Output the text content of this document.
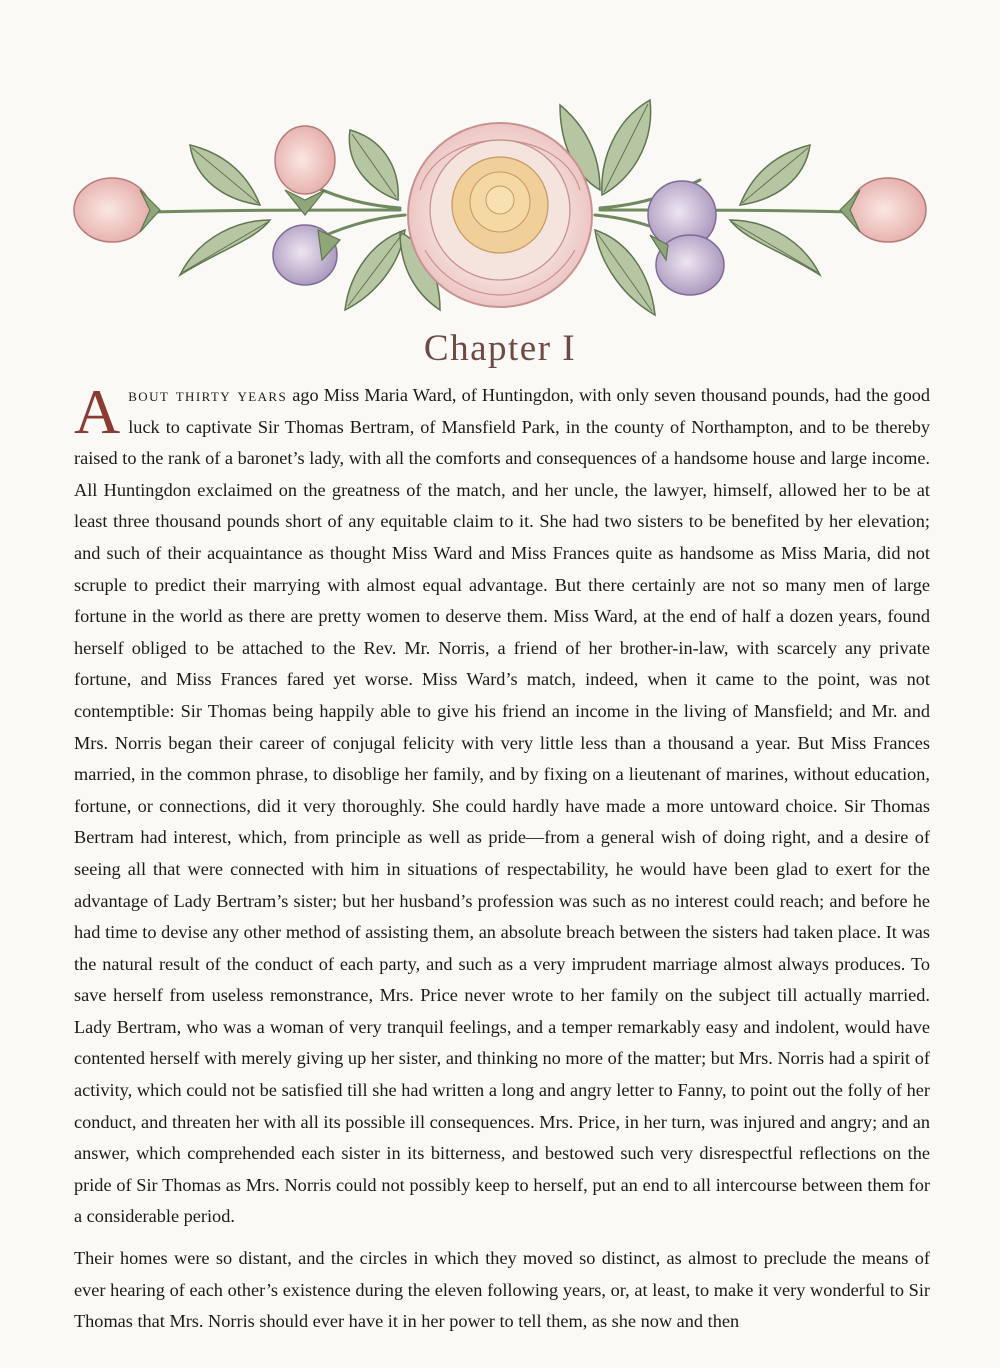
Chapter I

About thirty years ago Miss Maria Ward, of Huntingdon, with only seven thousand pounds, had the good luck to captivate Sir Thomas Bertram, of Mansfield Park, in the county of Northampton, and to be thereby raised to the rank of a baronet’s lady, with all the comforts and consequences of a handsome house and large income. All Huntingdon exclaimed on the greatness of the match, and her uncle, the lawyer, himself, allowed her to be at least three thousand pounds short of any equitable claim to it. She had two sisters to be benefited by her elevation; and such of their acquaintance as thought Miss Ward and Miss Frances quite as handsome as Miss Maria, did not scruple to predict their marrying with almost equal advantage. But there certainly are not so many men of large fortune in the world as there are pretty women to deserve them. Miss Ward, at the end of half a dozen years, found herself obliged to be attached to the Rev. Mr. Norris, a friend of her brother-in-law, with scarcely any private fortune, and Miss Frances fared yet worse. Miss Ward’s match, indeed, when it came to the point, was not contemptible: Sir Thomas being happily able to give his friend an income in the living of Mansfield; and Mr. and Mrs. Norris began their career of conjugal felicity with very little less than a thousand a year. But Miss Frances married, in the common phrase, to disoblige her family, and by fixing on a lieutenant of marines, without education, fortune, or connections, did it very thoroughly. She could hardly have made a more untoward choice. Sir Thomas Bertram had interest, which, from principle as well as pride—from a general wish of doing right, and a desire of seeing all that were connected with him in situations of respectability, he would have been glad to exert for the advantage of Lady Bertram’s sister; but her husband’s profession was such as no interest could reach; and before he had time to devise any other method of assisting them, an absolute breach between the sisters had taken place. It was the natural result of the conduct of each party, and such as a very imprudent marriage almost always produces. To save herself from useless remonstrance, Mrs. Price never wrote to her family on the subject till actually married. Lady Bertram, who was a woman of very tranquil feelings, and a temper remarkably easy and indolent, would have contented herself with merely giving up her sister, and thinking no more of the matter; but Mrs. Norris had a spirit of activity, which could not be satisfied till she had written a long and angry letter to Fanny, to point out the folly of her conduct, and threaten her with all its possible ill consequences. Mrs. Price, in her turn, was injured and angry; and an answer, which comprehended each sister in its bitterness, and bestowed such very disrespectful reflections on the pride of Sir Thomas as Mrs. Norris could not possibly keep to herself, put an end to all intercourse between them for a considerable period.

Their homes were so distant, and the circles in which they moved so distinct, as almost to preclude the means of ever hearing of each other’s existence during the eleven following years, or, at least, to make it very wonderful to Sir Thomas that Mrs. Norris should ever have it in her power to tell them, as she now and then
